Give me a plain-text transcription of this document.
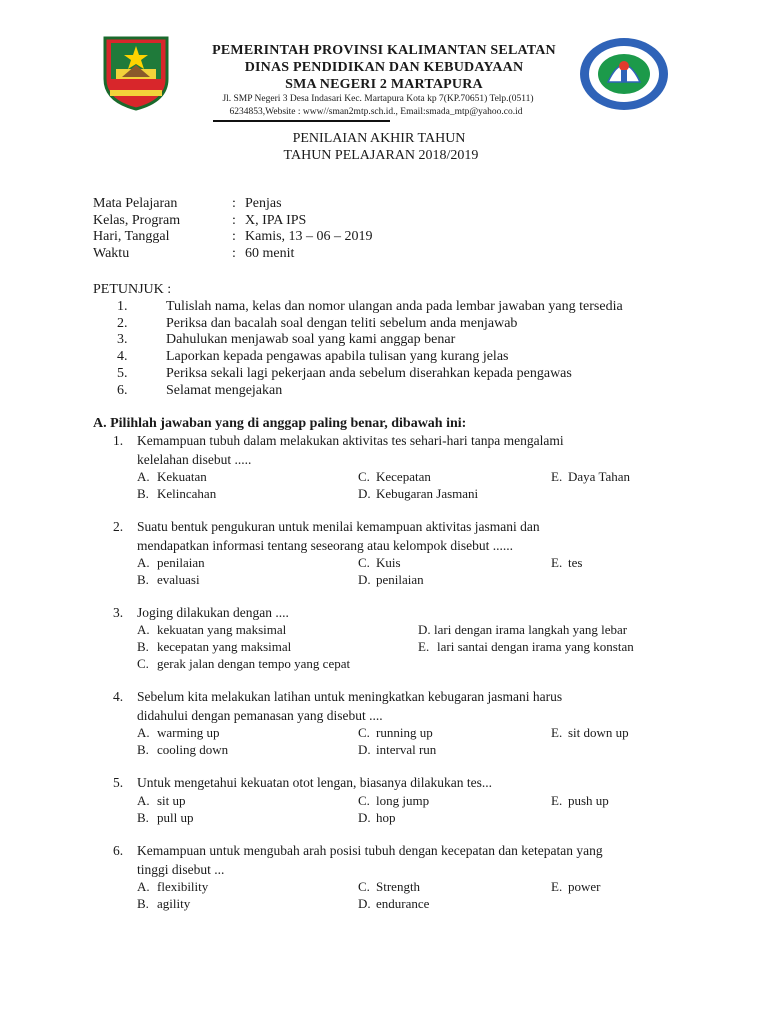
PEMERINTAH PROVINSI KALIMANTAN SELATAN
DINAS PENDIDIKAN DAN KEBUDAYAAN
SMA NEGERI 2 MARTAPURA
Jl. SMP Negeri 3 Desa Indasari Kec. Martapura Kota kp 7(KP.70651) Telp.(0511)
6234853,Website : www//sman2mtp.sch.id., Email:smada_mtp@yahoo.co.id
PENILAIAN AKHIR TAHUN
TAHUN PELAJARAN 2018/2019
Mata Pelajaran	: Penjas
Kelas, Program	: X, IPA IPS
Hari, Tanggal	: Kamis, 13 – 06 – 2019
Waktu	: 60 menit
PETUNJUK :
1.	Tulislah nama, kelas dan nomor ulangan anda pada lembar jawaban yang tersedia
2.	Periksa dan bacalah soal dengan teliti sebelum anda menjawab
3.	Dahulukan menjawab soal yang kami anggap benar
4.	Laporkan kepada pengawas apabila tulisan yang kurang jelas
5.	Periksa sekali lagi pekerjaan anda sebelum diserahkan kepada pengawas
6.	Selamat mengejakan
A. Pilihlah jawaban yang di anggap paling benar, dibawah ini:
1. Kemampuan tubuh dalam melakukan aktivitas tes sehari-hari tanpa mengalami
kelelahan disebut .....
A. Kekuatan	C. Kecepatan	E. Daya Tahan
B. Kelincahan	D. Kebugaran Jasmani
2. Suatu bentuk pengukuran untuk menilai kemampuan aktivitas jasmani dan
mendapatkan informasi tentang seseorang atau kelompok disebut ......
A. penilaian	C. Kuis	E. tes
B. evaluasi	D. penilaian
3. Joging dilakukan dengan ....
A. kekuatan yang maksimal	D. lari dengan irama langkah yang lebar
B. kecepatan yang maksimal	E. lari santai dengan irama yang konstan
C. gerak jalan dengan tempo yang cepat
4. Sebelum kita melakukan latihan untuk meningkatkan kebugaran jasmani harus
didahului dengan pemanasan yang disebut ....
A. warming up	C. running up	E. sit down up
B. cooling down	D. interval run
5. Untuk mengetahui kekuatan otot lengan, biasanya dilakukan tes...
A. sit up	C. long jump	E. push up
B. pull up	D. hop
6. Kemampuan untuk mengubah arah posisi tubuh dengan kecepatan dan ketepatan yang
tinggi disebut ...
A. flexibility	C. Strength	E. power
B. agility	D. endurance
